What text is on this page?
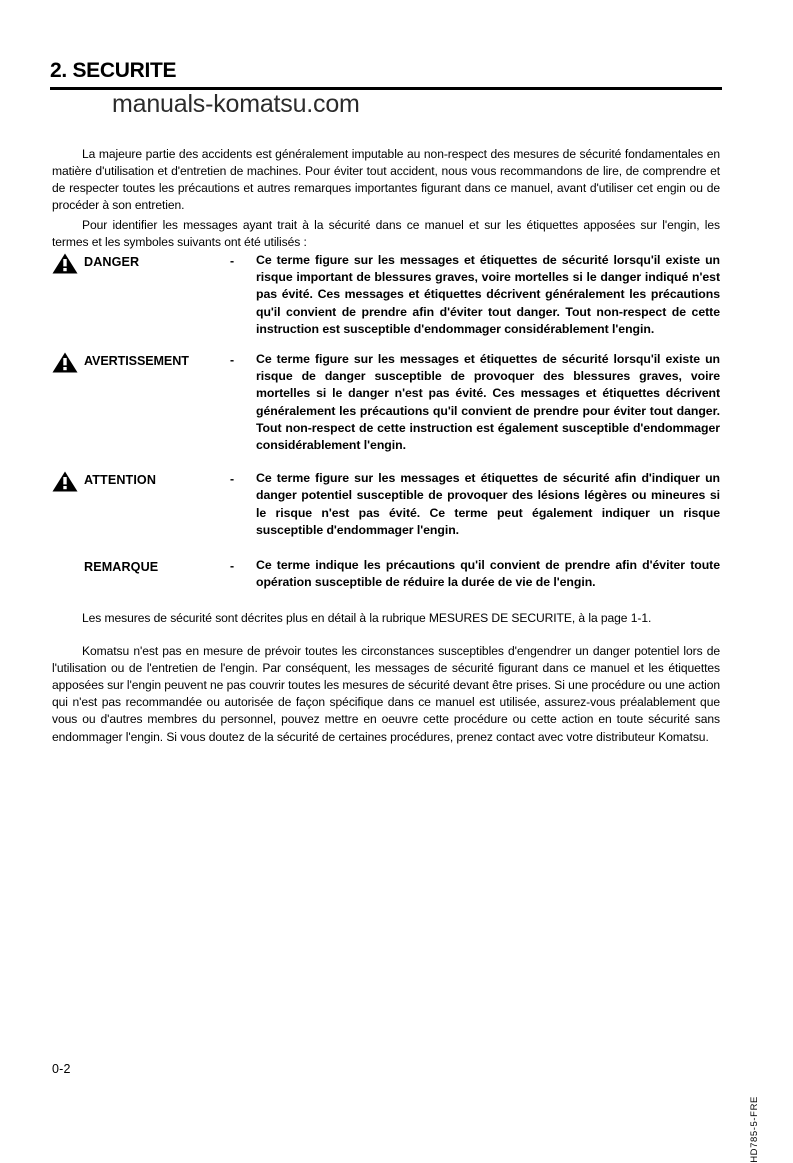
2. SECURITE
manuals-komatsu.com

La majeure partie des accidents est généralement imputable au non-respect des mesures de sécurité fondamentales en matière d'utilisation et d'entretien de machines. Pour éviter tout accident, nous vous recommandons de lire, de comprendre et de respecter toutes les précautions et autres remarques importantes figurant dans ce manuel, avant d'utiliser cet engin ou de procéder à son entretien.

Pour identifier les messages ayant trait à la sécurité dans ce manuel et sur les étiquettes apposées sur l'engin, les termes et les symboles suivants ont été utilisés :

DANGER	-	Ce terme figure sur les messages et étiquettes de sécurité lorsqu'il existe un risque important de blessures graves, voire mortelles si le danger indiqué n'est pas évité. Ces messages et étiquettes décrivent généralement les précautions qu'il convient de prendre afin d'éviter tout danger. Tout non-respect de cette instruction est susceptible d'endommager considérablement l'engin.
AVERTISSEMENT	-	Ce terme figure sur les messages et étiquettes de sécurité lorsqu'il existe un risque de danger susceptible de provoquer des blessures graves, voire mortelles si le danger n'est pas évité. Ces messages et étiquettes décrivent généralement les précautions qu'il convient de prendre pour éviter tout danger. Tout non-respect de cette instruction est également susceptible d'endommager considérablement l'engin.
ATTENTION	-	Ce terme figure sur les messages et étiquettes de sécurité afin d'indiquer un danger potentiel susceptible de provoquer des lésions légères ou mineures si le risque n'est pas évité. Ce terme peut également indiquer un risque susceptible d'endommager l'engin.
REMARQUE	-	Ce terme indique les précautions qu'il convient de prendre afin d'éviter toute opération susceptible de réduire la durée de vie de l'engin.

Les mesures de sécurité sont décrites plus en détail à la rubrique MESURES DE SECURITE, à la page 1-1.

Komatsu n'est pas en mesure de prévoir toutes les circonstances susceptibles d'engendrer un danger potentiel lors de l'utilisation ou de l'entretien de l'engin. Par conséquent, les messages de sécurité figurant dans ce manuel et les étiquettes apposées sur l'engin peuvent ne pas couvrir toutes les mesures de sécurité devant être prises. Si une procédure ou une action qui n'est pas recommandée ou autorisée de façon spécifique dans ce manuel est utilisée, assurez-vous préalablement que vous ou d'autres membres du personnel, pouvez mettre en oeuvre cette procédure ou cette action en toute sécurité sans endommager l'engin. Si vous doutez de la sécurité de certaines procédures, prenez contact avec votre distributeur Komatsu.

0-2
HD785-5-FRE
